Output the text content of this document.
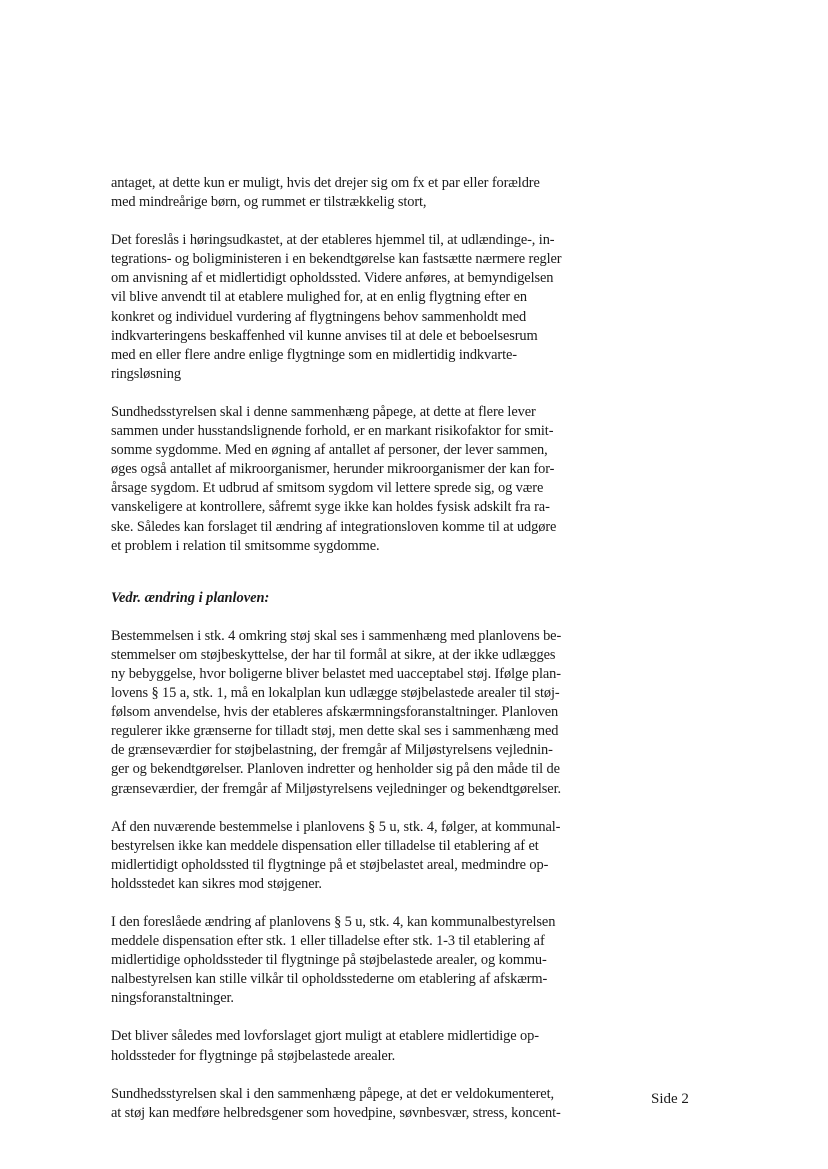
antaget, at dette kun er muligt, hvis det drejer sig om fx et par eller forældre
med mindreårige børn, og rummet er tilstrækkelig stort,

Det foreslås i høringsudkastet, at der etableres hjemmel til, at udlændinge-, in-
tegrations- og boligministeren i en bekendtgørelse kan fastsætte nærmere regler
om anvisning af et midlertidigt opholdssted. Videre anføres, at bemyndigelsen
vil blive anvendt til at etablere mulighed for, at en enlig flygtning efter en
konkret og individuel vurdering af flygtningens behov sammenholdt med
indkvarteringens beskaffenhed vil kunne anvises til at dele et beboelsesrum
med en eller flere andre enlige flygtninge som en midlertidig indkvarte-
ringsløsning

Sundhedsstyrelsen skal i denne sammenhæng påpege, at dette at flere lever
sammen under husstandslignende forhold, er en markant risikofaktor for smit-
somme sygdomme. Med en øgning af antallet af personer, der lever sammen,
øges også antallet af mikroorganismer, herunder mikroorganismer der kan for-
årsage sygdom. Et udbrud af smitsom sygdom vil lettere sprede sig, og være
vanskeligere at kontrollere, såfremt syge ikke kan holdes fysisk adskilt fra ra-
ske. Således kan forslaget til ændring af integrationsloven komme til at udgøre
et problem i relation til smitsomme sygdomme.

Vedr. ændring i planloven:

Bestemmelsen i stk. 4 omkring støj skal ses i sammenhæng med planlovens be-
stemmelser om støjbeskyttelse, der har til formål at sikre, at der ikke udlægges
ny bebyggelse, hvor boligerne bliver belastet med uacceptabel støj. Ifølge plan-
lovens § 15 a, stk. 1, må en lokalplan kun udlægge støjbelastede arealer til støj-
følsom anvendelse, hvis der etableres afskærmningsforanstaltninger. Planloven
regulerer ikke grænserne for tilladt støj, men dette skal ses i sammenhæng med
de grænseværdier for støjbelastning, der fremgår af Miljøstyrelsens vejlednin-
ger og bekendtgørelser. Planloven indretter og henholder sig på den måde til de
grænseværdier, der fremgår af Miljøstyrelsens vejledninger og bekendtgørelser.

Af den nuværende bestemmelse i planlovens § 5 u, stk. 4, følger, at kommunal-
bestyrelsen ikke kan meddele dispensation eller tilladelse til etablering af et
midlertidigt opholdssted til flygtninge på et støjbelastet areal, medmindre op-
holdsstedet kan sikres mod støjgener.

I den foreslåede ændring af planlovens § 5 u, stk. 4, kan kommunalbestyrelsen
meddele dispensation efter stk. 1 eller tilladelse efter stk. 1-3 til etablering af
midlertidige opholdssteder til flygtninge på støjbelastede arealer, og kommu-
nalbestyrelsen kan stille vilkår til opholdsstederne om etablering af afskærm-
ningsforanstaltninger.

Det bliver således med lovforslaget gjort muligt at etablere midlertidige op-
holdssteder for flygtninge på støjbelastede arealer.

Sundhedsstyrelsen skal i den sammenhæng påpege, at det er veldokumenteret,
at støj kan medføre helbredsgener som hovedpine, søvnbesvær, stress, koncent-

Side 2
